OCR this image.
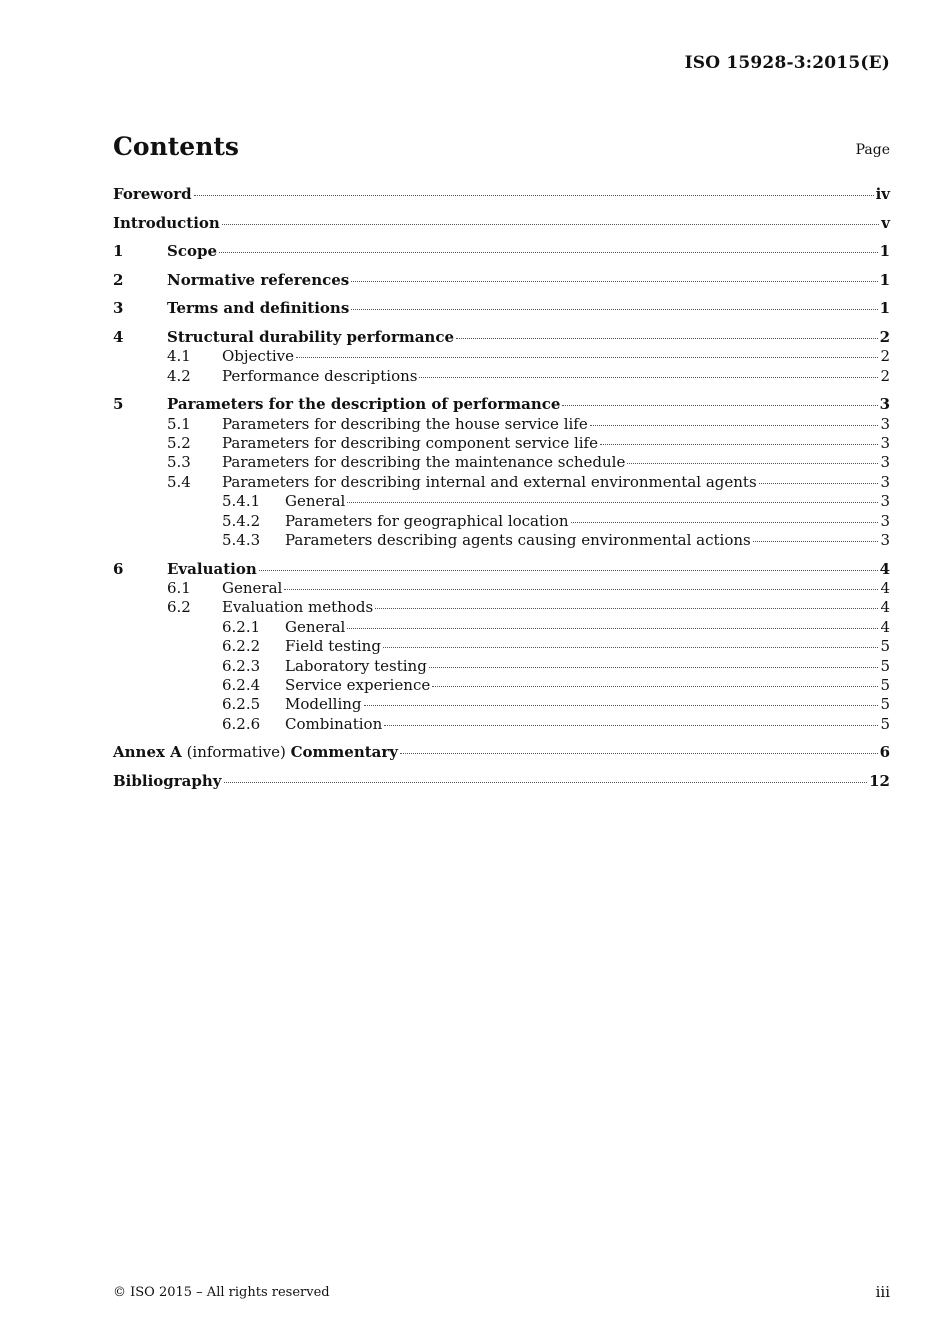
ISO 15928-3:2015(E)
Contents	Page
Foreword	iv
Introduction	v
1	Scope	1
2	Normative references	1
3	Terms and definitions	1
4	Structural durability performance	2
4.1	Objective	2
4.2	Performance descriptions	2
5	Parameters for the description of performance	3
5.1	Parameters for describing the house service life	3
5.2	Parameters for describing component service life	3
5.3	Parameters for describing the maintenance schedule	3
5.4	Parameters for describing internal and external environmental agents	3
5.4.1	General	3
5.4.2	Parameters for geographical location	3
5.4.3	Parameters describing agents causing environmental actions	3
6	Evaluation	4
6.1	General	4
6.2	Evaluation methods	4
6.2.1	General	4
6.2.2	Field testing	5
6.2.3	Laboratory testing	5
6.2.4	Service experience	5
6.2.5	Modelling	5
6.2.6	Combination	5
Annex A (informative) Commentary	6
Bibliography	12
© ISO 2015 – All rights reserved	iii
